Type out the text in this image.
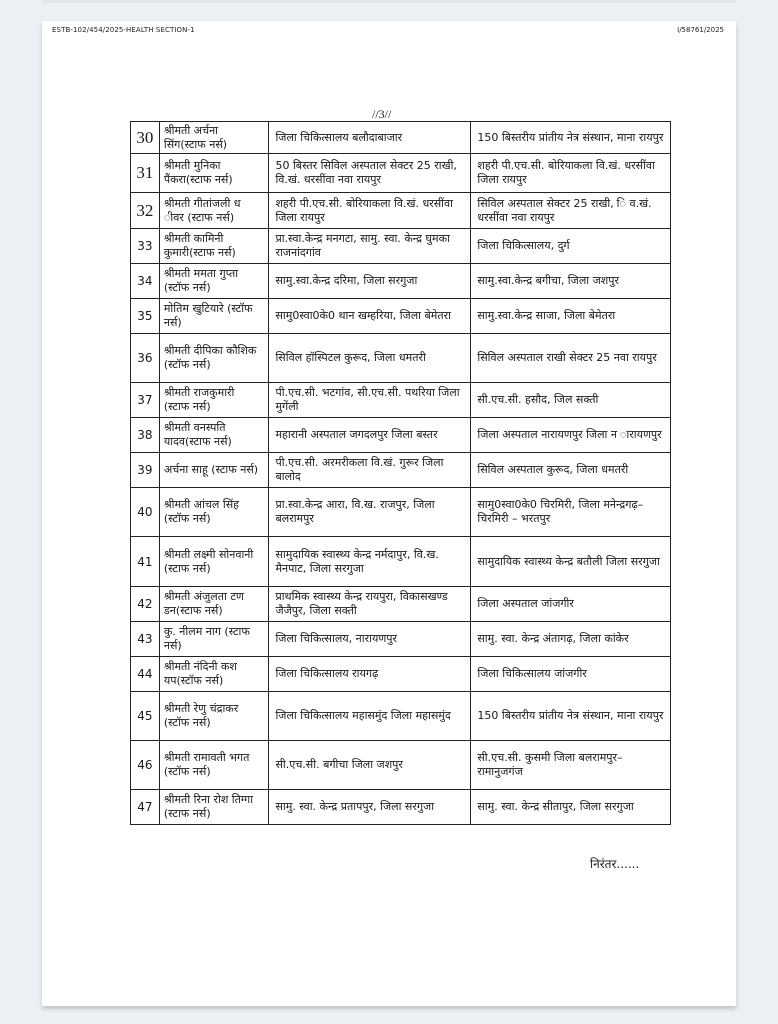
ESTB-102/454/2025-HEALTH SECTION-1	I/58761/2025
//3//
30	श्रीमती अर्चना सिंग(स्टाफ नर्स)	जिला चिकित्सालय बलौदाबाजार	150 बिस्तरीय प्रांतीय नेत्र संस्थान, माना रायपुर
31	श्रीमती मुनिका पैंकरा(स्टाफ नर्स)	50 बिस्तर सिविल अस्पताल सेक्टर 25 राखी, वि.खं. धरसींवा नवा रायपुर	शहरी पी.एच.सी. बोरियाकला वि.खं. धरसींवा जिला रायपुर
32	श्रीमती गीतांजली ध ीवर (स्टाफ नर्स)	शहरी पी.एच.सी. बोरियाकला वि.खं. धरसींवा जिला रायपुर	सिविल अस्पताल सेक्टर 25 राखी, ि व.खं. धरसींवा नवा रायपुर
33	श्रीमती कामिनी कुमारी(स्टाफ नर्स)	प्रा.स्वा.केन्द्र मनगटा, सामु. स्वा. केन्द्र घुमका राजनांदगांव	जिला चिकित्सालय, दुर्ग
34	श्रीमती ममता गुप्ता (स्टॉफ नर्स)	सामु.स्वा.केन्द्र दरिमा, जिला सरगुजा	सामु.स्वा.केन्द्र बगीचा, जिला जशपुर
35	मोतिम खुटियारे (स्टॉफ नर्स)	सामु0स्वा0के0 थान खम्हरिया, जिला बेमेतरा	सामु.स्वा.केन्द्र साजा, जिला बेमेतरा
36	श्रीमती दीपिका कौशिक (स्टॉफ नर्स)	सिविल हॉस्पिटल कुरूद, जिला धमतरी	सिविल अस्पताल राखी सेक्टर 25 नवा रायपुर
37	श्रीमती राजकुमारी (स्टाफ नर्स)	पी.एच.सी. भटगांव, सी.एच.सी. पथरिया जिला मुगेंली	सी.एच.सी. हसौद, जिल सक्ती
38	श्रीमती वनस्पति यादव(स्टाफ नर्स)	महारानी अस्पताल जगदलपुर जिला बस्तर	जिला अस्पताल नारायणपुर जिला न ारायणपुर
39	अर्चना साहू (स्टाफ नर्स)	पी.एच.सी. अरमरीकला वि.खं. गुरूर जिला बालोद	सिविल अस्पताल कुरूद, जिला धमतरी
40	श्रीमती आंचल सिंह (स्टॉफ नर्स)	प्रा.स्वा.केन्द्र आरा, वि.ख. राजपुर, जिला बलरामपुर	सामु0स्वा0के0 चिरमिरी, जिला मनेन्द्रगढ़–चिरमिरी – भरतपुर
41	श्रीमती लक्ष्मी सोनवानी (स्टाफ नर्स)	सामुदायिक स्वास्थ्य केन्द्र नर्मदापुर, वि.ख. मैनपाट, जिला सरगुजा	सामुदायिक स्वास्थ्य केन्द्र बतौली जिला सरगुजा
42	श्रीमती अंजुलता टण डन(स्टाफ नर्स)	प्राथमिक स्वास्थ्य केन्द्र रायपुरा, विकासखण्ड जैजैपुर, जिला सक्ती	जिला अस्पताल जांजगीर
43	कु. नीलम नाग (स्टाफ नर्स)	जिला चिकित्सालय, नारायणपुर	सामु. स्वा. केन्द्र अंतागढ़, जिला कांकेर
44	श्रीमती नंदिनी कश यप(स्टॉफ नर्स)	जिला चिकित्सालय रायगढ़	जिला चिकित्सालय जांजगीर
45	श्रीमती रेणु चंद्राकर (स्टॉफ नर्स)	जिला चिकित्सालय महासमुंद जिला महासमुंद	150 बिस्तरीय प्रांतीय नेत्र संस्थान, माना रायपुर
46	श्रीमती रामावती भगत (स्टॉफ नर्स)	सी.एच.सी. बगीचा जिला जशपुर	सी.एच.सी. कुसमी जिला बलरामपुर–रामानुजगंज
47	श्रीमती रिना रोश तिग्गा (स्टाफ नर्स)	सामु. स्वा. केन्द्र प्रतापपुर, जिला सरगुजा	सामु. स्वा. केन्द्र सीतापुर, जिला सरगुजा
निरंतर......
